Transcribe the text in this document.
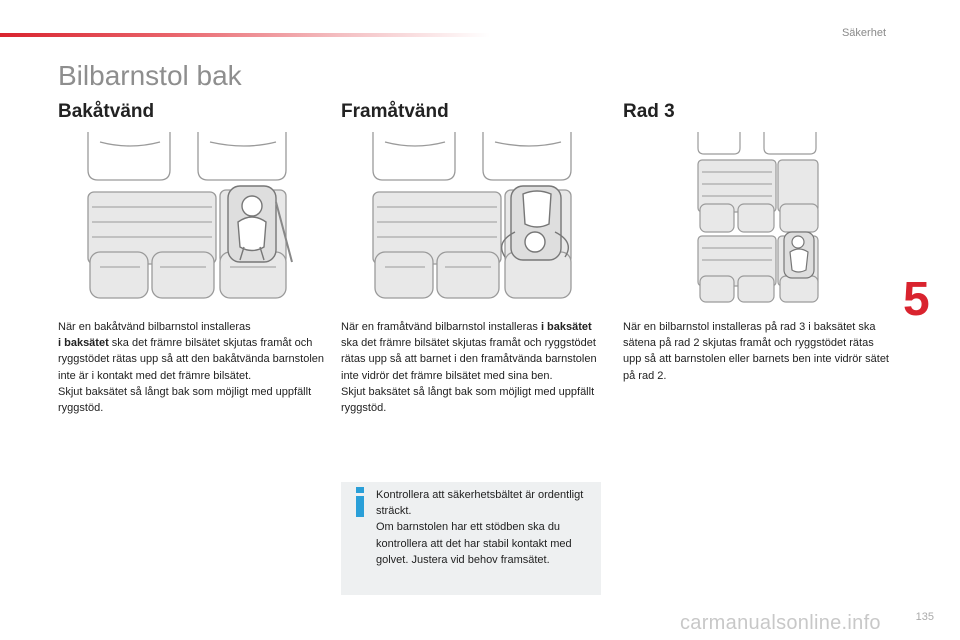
Säkerhet
Bilbarnstol bak
Bakåtvänd
När en bakåtvänd bilbarnstol installeras
i baksätet ska det främre bilsätet skjutas framåt och ryggstödet rätas upp så att den bakåtvända barnstolen inte är i kontakt med det främre bilsätet.
Skjut baksätet så långt bak som möjligt med uppfällt ryggstöd.
Framåtvänd
När en framåtvänd bilbarnstol installeras i baksätet ska det främre bilsätet skjutas framåt och ryggstödet rätas upp så att barnet i den framåtvända barnstolen inte vidrör det främre bilsätet med sina ben.
Skjut baksätet så långt bak som möjligt med uppfällt ryggstöd.
Rad 3
När en bilbarnstol installeras på rad 3 i baksätet ska sätena på rad 2 skjutas framåt och ryggstödet rätas upp så att barnstolen eller barnets ben inte vidrör sätet på rad 2.
5
Kontrollera att säkerhetsbältet är ordentligt sträckt.
Om barnstolen har ett stödben ska du kontrollera att det har stabil kontakt med golvet. Justera vid behov framsätet.
135
carmanualsonline.info
